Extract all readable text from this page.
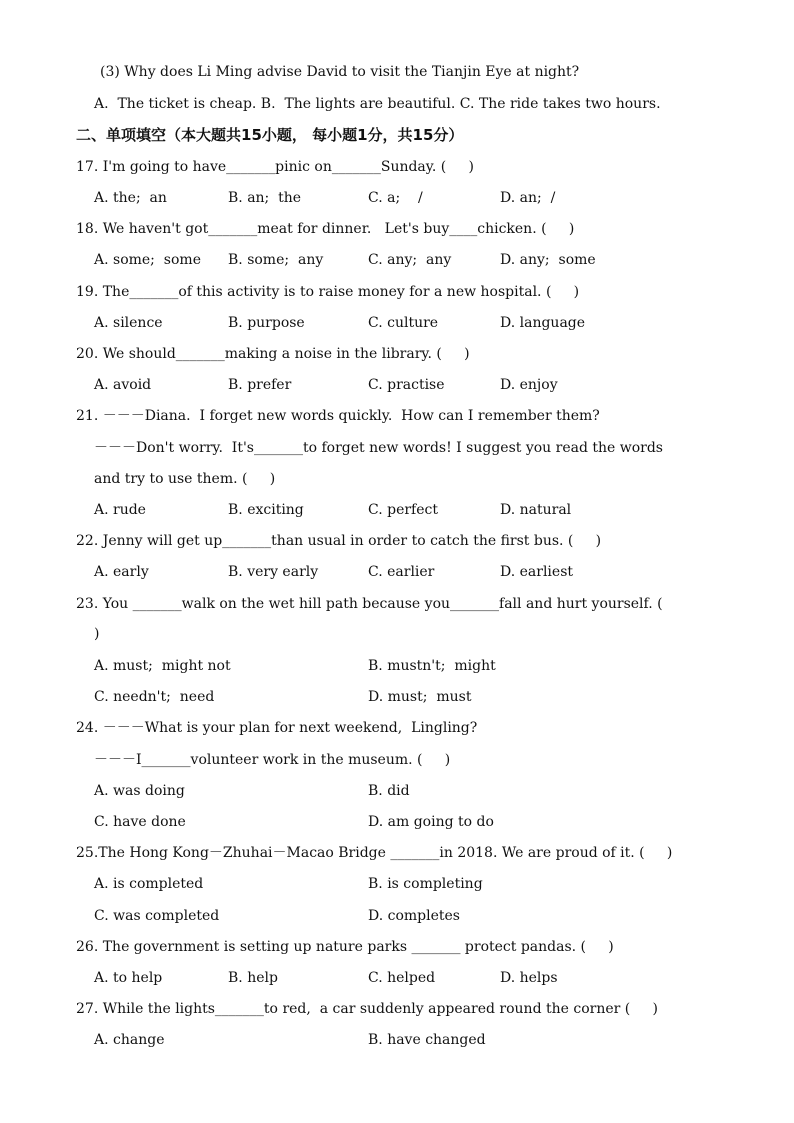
(3) Why does Li Ming advise David to visit the Tianjin Eye at night?
A.  The ticket is cheap. B.  The lights are beautiful. C. The ride takes two hours.
二、单项填空（本大题共15小题， 每小题1分，共15分）
17. I'm going to have_______pinic on_______Sunday. (     )
A. the;  an	B. an;  the	C. a;    /	D. an;  /
18. We haven't got_______meat for dinner.   Let's buy____chicken. (     )
A. some;  some B. some;  any	C. any;  any	D. any;  some
19. The_______of this activity is to raise money for a new hospital. (     )
A. silence	B. purpose	C. culture	D. language
20. We should_______making a noise in the library. (     )
A. avoid	B. prefer	C. practise	D. enjoy
21. －－－Diana.  I forget new words quickly.  How can I remember them?
－－－Don't worry.  It's_______to forget new words! I suggest you read the words
and try to use them. (     )
A. rude	B. exciting	C. perfect	D. natural
22. Jenny will get up_______than usual in order to catch the first bus. (     )
A. early	B. very early	C. earlier	D. earliest
23. You _______walk on the wet hill path because you_______fall and hurt yourself. (
)
A. must;  might not	B. mustn't;  might
C. needn't;  need	D. must;  must
24. －－－What is your plan for next weekend,  Lingling?
－－－I_______volunteer work in the museum. (     )
A. was doing	B. did
C. have done	D. am going to do
25.The Hong Kong－Zhuhai－Macao Bridge _______in 2018. We are proud of it. (     )
A. is completed	B. is completing
C. was completed	D. completes
26. The government is setting up nature parks _______ protect pandas. (     )
A. to help	B. help	C. helped	D. helps
27. While the lights_______to red,  a car suddenly appeared round the corner (     )
A. change	B. have changed
